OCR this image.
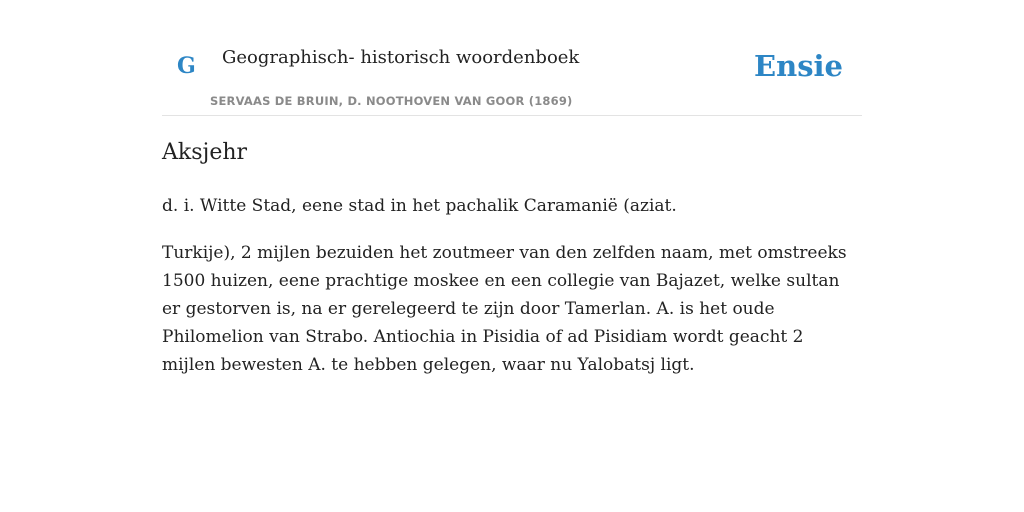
G Geographisch- historisch woordenboek
SERVAAS DE BRUIN, D. NOOTHOVEN VAN GOOR (1869)
Ensie
Aksjehr

d. i. Witte Stad, eene stad in het pachalik Caramanië (aziat.

Turkije), 2 mijlen bezuiden het zoutmeer van den zelfden naam, met omstreeks 1500 huizen, eene prachtige moskee en een collegie van Bajazet, welke sultan er gestorven is, na er gerelegeerd te zijn door Tamerlan. A. is het oude Philomelion van Strabo. Antiochia in Pisidia of ad Pisidiam wordt geacht 2 mijlen bewesten A. te hebben gelegen, waar nu Yalobatsj ligt.
